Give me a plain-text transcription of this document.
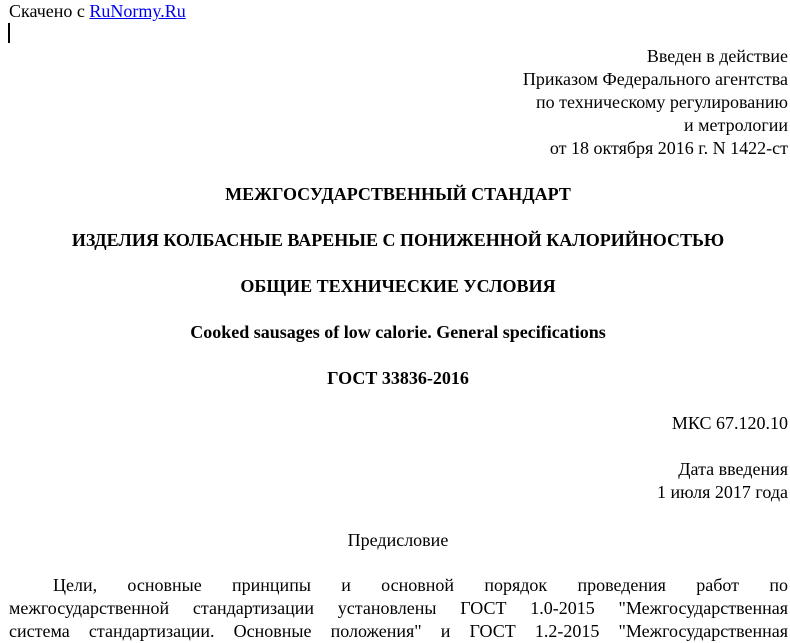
Скачено с RuNormy.Ru
Введен в действие
Приказом Федерального агентства
по техническому регулированию
и метрологии
от 18 октября 2016 г. N 1422-ст
МЕЖГОСУДАРСТВЕННЫЙ СТАНДАРТ
ИЗДЕЛИЯ КОЛБАСНЫЕ ВАРЕНЫЕ С ПОНИЖЕННОЙ КАЛОРИЙНОСТЬЮ
ОБЩИЕ ТЕХНИЧЕСКИЕ УСЛОВИЯ
Cooked sausages of low calorie. General specifications
ГОСТ 33836-2016
МКС 67.120.10
Дата введения
1 июля 2017 года
Предисловие
Цели, основные принципы и основной порядок проведения работ по
межгосударственной стандартизации установлены ГОСТ 1.0-2015 "Межгосударственная
система стандартизации. Основные положения" и ГОСТ 1.2-2015 "Межгосударственная
